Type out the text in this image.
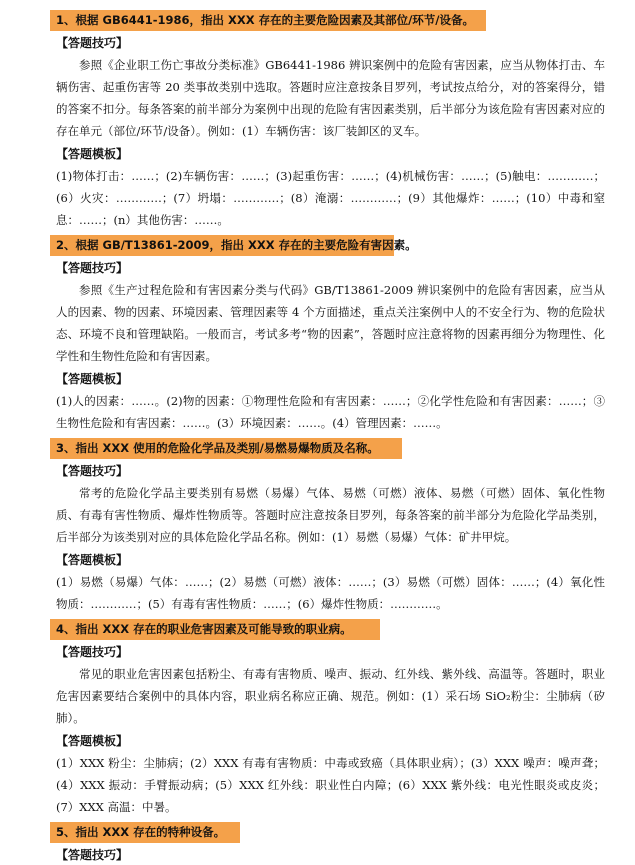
1、根据 GB6441-1986，指出 XXX 存在的主要危险因素及其部位/环节/设备。
【答题技巧】
参照《企业职工伤亡事故分类标准》GB6441-1986 辨识案例中的危险有害因素，应当从物体打击、车辆伤害、起重伤害等 20 类事故类别中选取。答题时应注意按条目罗列，考试按点给分，对的答案得分，错的答案不扣分。每条答案的前半部分为案例中出现的危险有害因素类别，后半部分为该危险有害因素对应的存在单元（部位/环节/设备）。例如：(1）车辆伤害：该厂装卸区的叉车。
【答题模板】
(1)物体打击：……；(2)车辆伤害：……；(3)起重伤害：……；(4)机械伤害：……；(5)触电：…………；(6）火灾：…………；(7）坍塌：…………；(8）淹溺：…………；(9）其他爆炸：……；(10）中毒和窒息：……；(n）其他伤害：……。
2、根据 GB/T13861-2009，指出 XXX 存在的主要危险有害因素。
【答题技巧】
参照《生产过程危险和有害因素分类与代码》GB/T13861-2009 辨识案例中的危险有害因素，应当从人的因素、物的因素、环境因素、管理因素等 4 个方面描述，重点关注案例中人的不安全行为、物的危险状态、环境不良和管理缺陷。一般而言，考试多考“物的因素”，答题时应注意将物的因素再细分为物理性、化学性和生物性危险和有害因素。
【答题模板】
(1)人的因素：……。(2)物的因素：①物理性危险和有害因素：……；②化学性危险和有害因素：……；③生物性危险和有害因素：……。(3）环境因素：……。(4）管理因素：……。
3、指出 XXX 使用的危险化学品及类别/易燃易爆物质及名称。
【答题技巧】
常考的危险化学品主要类别有易燃（易爆）气体、易燃（可燃）液体、易燃（可燃）固体、氧化性物质、有毒有害性物质、爆炸性物质等。答题时应注意按条目罗列，每条答案的前半部分为危险化学品类别，后半部分为该类别对应的具体危险化学品名称。例如：(1）易燃（易爆）气体：矿井甲烷。
【答题模板】
(1）易燃（易爆）气体：……；(2）易燃（可燃）液体：……；(3）易燃（可燃）固体：……；(4）氧化性物质：…………；(5）有毒有害性物质：……；(6）爆炸性物质：…………。
4、指出 XXX 存在的职业危害因素及可能导致的职业病。
【答题技巧】
常见的职业危害因素包括粉尘、有毒有害物质、噪声、振动、红外线、紫外线、高温等。答题时，职业危害因素要结合案例中的具体内容，职业病名称应正确、规范。例如：(1）采石场 SiO₂粉尘：尘肺病（矽肺）。
【答题模板】
(1）XXX 粉尘：尘肺病；(2）XXX 有毒有害物质：中毒或致癌（具体职业病）；(3）XXX 噪声：噪声聋；(4）XXX 振动：手臂振动病；(5）XXX 红外线：职业性白内障；(6）XXX 紫外线：电光性眼炎或皮炎；(7）XXX 高温：中暑。
5、指出 XXX 存在的特种设备。
【答题技巧】
